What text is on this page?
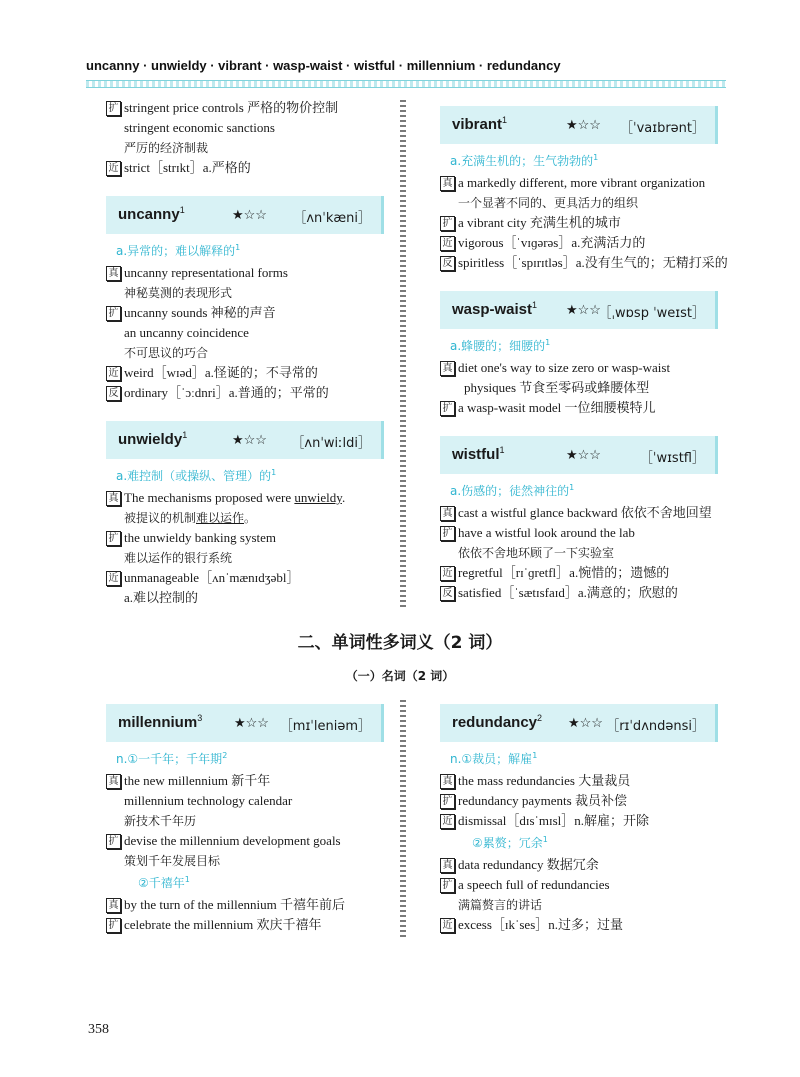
uncanny · unwieldy · vibrant · wasp-waist · wistful · millennium · redundancy
扩 stringent price controls 严格的物价控制
stringent economic sanctions
严厉的经济制裁
近 strict［strɪkt］a.严格的
uncanny$^1$	★☆☆ ［ʌnˈkæni］
a.异常的；难以解释的$^1$
真 uncanny representational forms
神秘莫测的表现形式
扩 uncanny sounds 神秘的声音
an uncanny coincidence
不可思议的巧合
近 weird［wɪəd］a.怪诞的；不寻常的
反 ordinary［ˈɔːdnri］a.普通的；平常的
unwieldy$^1$	★☆☆ ［ʌnˈwiːldi］
a.难控制（或操纵、管理）的$^1$
真 The mechanisms proposed were unwieldy.
被提议的机制难以运作。
扩 the unwieldy banking system
难以运作的银行系统
近 unmanageable［ʌnˈmænɪdʒəbl］
a.难以控制的
vibrant$^1$	★☆☆ ［ˈvaɪbrənt］
a.充满生机的；生气勃勃的$^1$
真 a markedly different, more vibrant organization
一个显著不同的、更具活力的组织
扩 a vibrant city 充满生机的城市
近 vigorous［ˈvɪɡərəs］a.充满活力的
反 spiritless［ˈspɪrɪtləs］a.没有生气的；无精打采的
wasp-waist$^1$ ★☆☆
［ˌwɒsp ˈweɪst］
a.蜂腰的；细腰的$^1$
真 diet one's way to size zero or wasp-waist
physiques 节食至零码或蜂腰体型
扩 a wasp-wasit model 一位细腰模特儿
wistful$^1$	★☆☆	［ˈwɪstfl］
a.伤感的；徒然神往的$^1$
真 cast a wistful glance backward 依依不舍地回望
扩 have a wistful look around the lab
依依不舍地环顾了一下实验室
近 regretful［rɪˈɡretfl］a.惋惜的；遗憾的
反 satisfied［ˈsætɪsfaɪd］a.满意的；欣慰的
二、单词性多词义（2 词）
（一）名词（2 词）
millennium$^3$ ★☆☆ ［mɪˈleniəm］
n.①一千年；千年期$^2$
真 the new millennium 新千年
millennium technology calendar
新技术千年历
扩 devise the millennium development goals
策划千年发展目标
②千禧年$^1$
真 by the turn of the millennium 千禧年前后
扩 celebrate the millennium 欢庆千禧年
redundancy$^2$ ★☆☆ ［rɪˈdʌndənsi］
n.①裁员；解雇$^1$
真 the mass redundancies 大量裁员
扩 redundancy payments 裁员补偿
近 dismissal［dɪsˈmɪsl］n.解雇；开除
②累赘；冗余$^1$
真 data redundancy 数据冗余
扩 a speech full of redundancies
满篇赘言的讲话
近 excess［ɪkˈses］n.过多；过量
358
